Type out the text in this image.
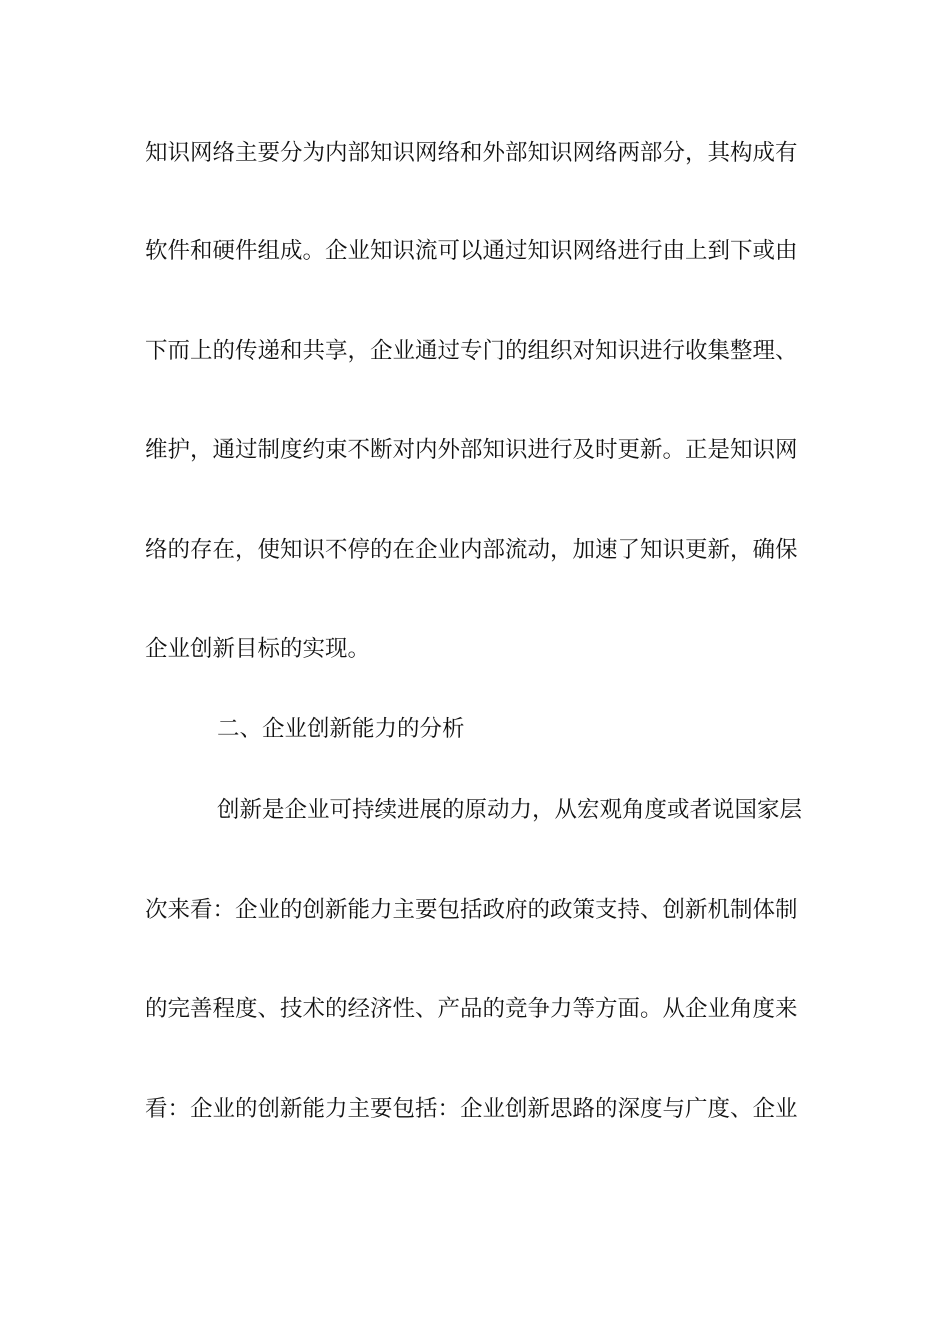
知识网络主要分为内部知识网络和外部知识网络两部分，其构成有
软件和硬件组成。企业知识流可以通过知识网络进行由上到下或由
下而上的传递和共享，企业通过专门的组织对知识进行收集整理、
维护，通过制度约束不断对内外部知识进行及时更新。正是知识网
络的存在，使知识不停的在企业内部流动，加速了知识更新，确保
企业创新目标的实现。
二、企业创新能力的分析
创新是企业可持续进展的原动力，从宏观角度或者说国家层
次来看：企业的创新能力主要包括政府的政策支持、创新机制体制
的完善程度、技术的经济性、产品的竞争力等方面。从企业角度来
看：企业的创新能力主要包括：企业创新思路的深度与广度、企业
